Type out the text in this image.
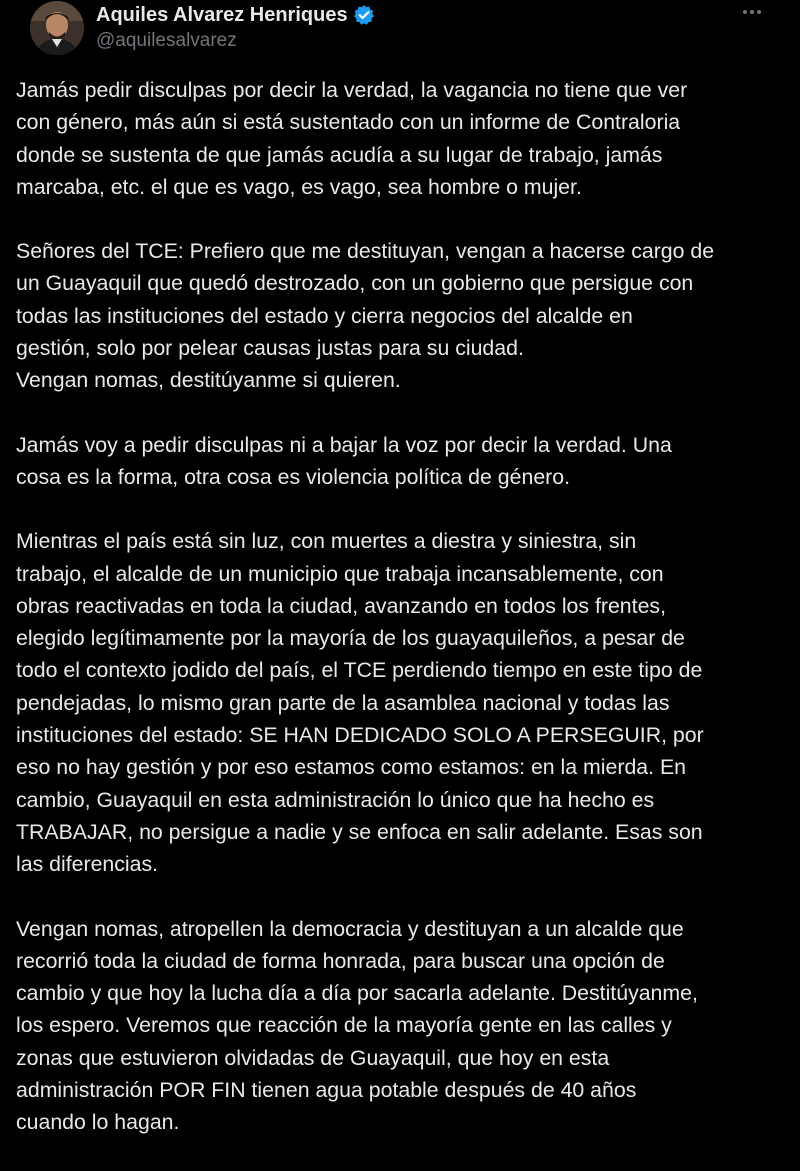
Aquiles Alvarez Henriques
@aquilesalvarez
Jamás pedir disculpas por decir la verdad, la vagancia no tiene que ver
con género, más aún si está sustentado con un informe de Contraloria
donde se sustenta de que jamás acudía a su lugar de trabajo, jamás
marcaba, etc. el que es vago, es vago, sea hombre o mujer.
Señores del TCE: Prefiero que me destituyan, vengan a hacerse cargo de
un Guayaquil que quedó destrozado, con un gobierno que persigue con
todas las instituciones del estado y cierra negocios del alcalde en
gestión, solo por pelear causas justas para su ciudad.
Vengan nomas, destitúyanme si quieren.
Jamás voy a pedir disculpas ni a bajar la voz por decir la verdad. Una
cosa es la forma, otra cosa es violencia política de género.
Mientras el país está sin luz, con muertes a diestra y siniestra, sin
trabajo, el alcalde de un municipio que trabaja incansablemente, con
obras reactivadas en toda la ciudad, avanzando en todos los frentes,
elegido legítimamente por la mayoría de los guayaquileños, a pesar de
todo el contexto jodido del país, el TCE perdiendo tiempo en este tipo de
pendejadas, lo mismo gran parte de la asamblea nacional y todas las
instituciones del estado: SE HAN DEDICADO SOLO A PERSEGUIR, por
eso no hay gestión y por eso estamos como estamos: en la mierda. En
cambio, Guayaquil en esta administración lo único que ha hecho es
TRABAJAR, no persigue a nadie y se enfoca en salir adelante. Esas son
las diferencias.
Vengan nomas, atropellen la democracia y destituyan a un alcalde que
recorrió toda la ciudad de forma honrada, para buscar una opción de
cambio y que hoy la lucha día a día por sacarla adelante. Destitúyanme,
los espero. Veremos que reacción de la mayoría gente en las calles y
zonas que estuvieron olvidadas de Guayaquil, que hoy en esta
administración POR FIN tienen agua potable después de 40 años
cuando lo hagan.
